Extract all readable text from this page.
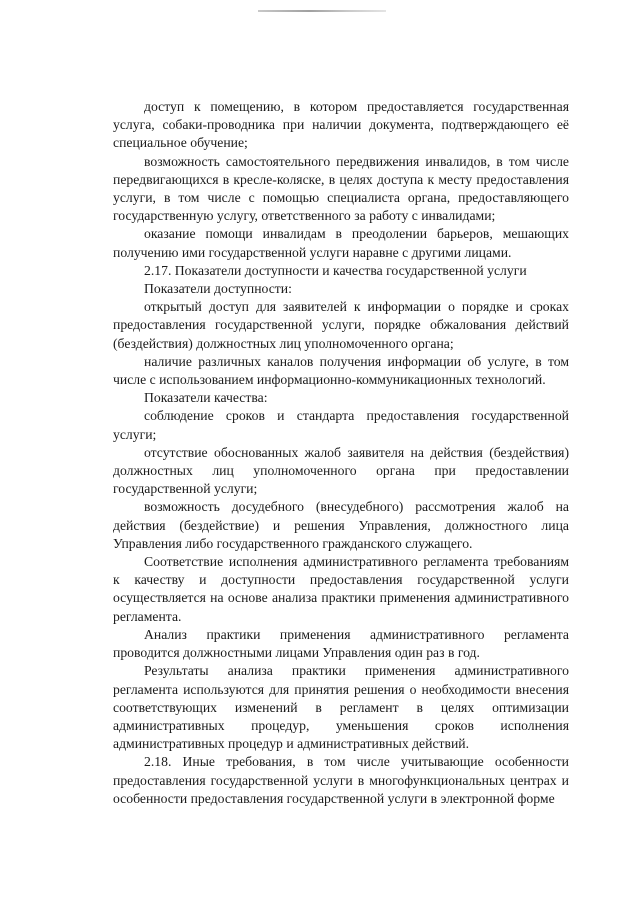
доступ к помещению, в котором предоставляется государственная услуга, собаки-проводника при наличии документа, подтверждающего её специальное обучение;

возможность самостоятельного передвижения инвалидов, в том числе передвигающихся в кресле-коляске, в целях доступа к месту предоставления услуги, в том числе с помощью специалиста органа, предоставляющего государственную услугу, ответственного за работу с инвалидами;

оказание помощи инвалидам в преодолении барьеров, мешающих получению ими государственной услуги наравне с другими лицами.

2.17. Показатели доступности и качества государственной услуги

Показатели доступности:

открытый доступ для заявителей к информации о порядке и сроках предоставления государственной услуги, порядке обжалования действий (бездействия) должностных лиц уполномоченного органа;

наличие различных каналов получения информации об услуге, в том числе с использованием информационно-коммуникационных технологий.

Показатели качества:

соблюдение сроков и стандарта предоставления государственной услуги;

отсутствие обоснованных жалоб заявителя на действия (бездействия) должностных лиц уполномоченного органа при предоставлении государственной услуги;

возможность досудебного (внесудебного) рассмотрения жалоб на действия (бездействие) и решения Управления, должностного лица Управления либо государственного гражданского служащего.

Соответствие исполнения административного регламента требованиям к качеству и доступности предоставления государственной услуги осуществляется на основе анализа практики применения административного регламента.

Анализ практики применения административного регламента проводится должностными лицами Управления один раз в год.

Результаты анализа практики применения административного регламента используются для принятия решения о необходимости внесения соответствующих изменений в регламент в целях оптимизации административных процедур, уменьшения сроков исполнения административных процедур и административных действий.

2.18. Иные требования, в том числе учитывающие особенности предоставления государственной услуги в многофункциональных центрах и особенности предоставления государственной услуги в электронной форме
